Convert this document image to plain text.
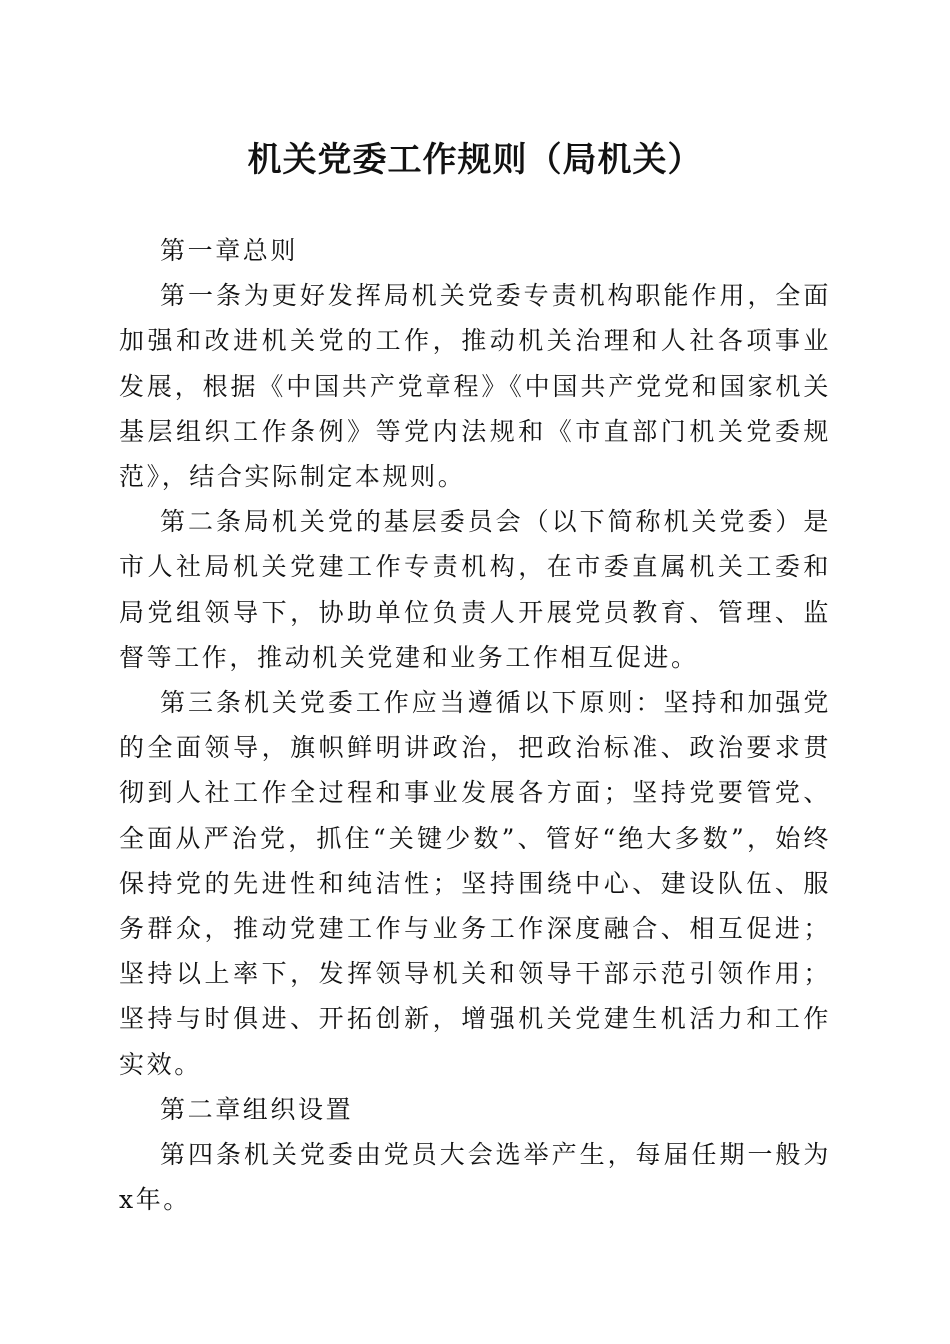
机关党委工作规则（局机关）

第一章总则

第一条为更好发挥局机关党委专责机构职能作用，全面加强和改进机关党的工作，推动机关治理和人社各项事业发展，根据《中国共产党章程》《中国共产党党和国家机关基层组织工作条例》等党内法规和《市直部门机关党委规范》，结合实际制定本规则。

第二条局机关党的基层委员会（以下简称机关党委）是市人社局机关党建工作专责机构，在市委直属机关工委和局党组领导下，协助单位负责人开展党员教育、管理、监督等工作，推动机关党建和业务工作相互促进。

第三条机关党委工作应当遵循以下原则：坚持和加强党的全面领导，旗帜鲜明讲政治，把政治标准、政治要求贯彻到人社工作全过程和事业发展各方面；坚持党要管党、全面从严治党，抓住“关键少数”、管好“绝大多数”，始终保持党的先进性和纯洁性；坚持围绕中心、建设队伍、服务群众，推动党建工作与业务工作深度融合、相互促进；坚持以上率下，发挥领导机关和领导干部示范引领作用；坚持与时俱进、开拓创新，增强机关党建生机活力和工作实效。

第二章组织设置

第四条机关党委由党员大会选举产生，每届任期一般为x年。
